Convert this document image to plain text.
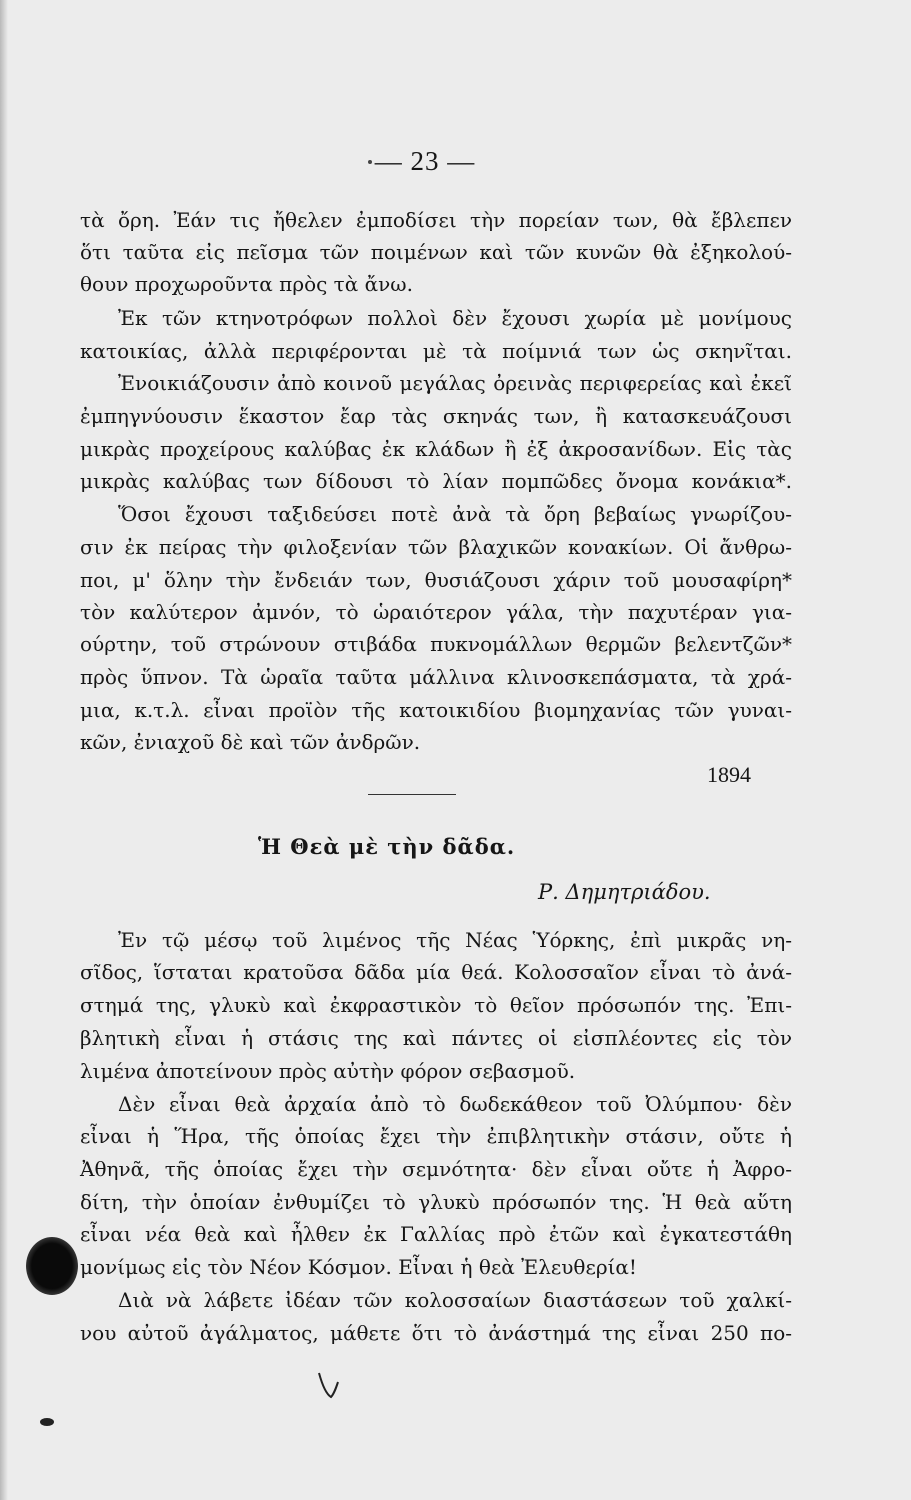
— 23 —
τὰ ὄρη. Ἐάν τις ἤθελεν ἐμποδίσει τὴν πορείαν των, θὰ ἔβλεπεν
ὅτι ταῦτα εἰς πεῖσμα τῶν ποιμένων καὶ τῶν κυνῶν θὰ ἐξηκολού-
θουν προχωροῦντα πρὸς τὰ ἄνω.
Ἐκ τῶν κτηνοτρόφων πολλοὶ δὲν ἔχουσι χωρία μὲ μονίμους
κατοικίας, ἀλλὰ περιφέρονται μὲ τὰ ποίμνιά των ὡς σκηνῖται.
Ἐνοικιάζουσιν ἀπὸ κοινοῦ μεγάλας ὀρεινὰς περιφερείας καὶ ἐκεῖ
ἐμπηγνύουσιν ἕκαστον ἔαρ τὰς σκηνάς των, ἢ κατασκευάζουσι
μικρὰς προχείρους καλύβας ἐκ κλάδων ἢ ἐξ ἀκροσανίδων. Εἰς τὰς
μικρὰς καλύβας των δίδουσι τὸ λίαν πομπῶδες ὄνομα κονάκια*.
Ὅσοι ἔχουσι ταξιδεύσει ποτὲ ἀνὰ τὰ ὄρη βεβαίως γνωρίζου-
σιν ἐκ πείρας τὴν φιλοξενίαν τῶν βλαχικῶν κονακίων. Οἱ ἄνθρω-
ποι, μ' ὅλην τὴν ἔνδειάν των, θυσιάζουσι χάριν τοῦ μουσαφίρη*
τὸν καλύτερον ἀμνόν, τὸ ὡραιότερον γάλα, τὴν παχυτέραν για-
ούρτην, τοῦ στρώνουν στιβάδα πυκνομάλλων θερμῶν βελεντζῶν*
πρὸς ὕπνον. Τὰ ὡραῖα ταῦτα μάλλινα κλινοσκεπάσματα, τὰ χρά-
μια, κ.τ.λ. εἶναι προϊὸν τῆς κατοικιδίου βιομηχανίας τῶν γυναι-
κῶν, ἐνιαχοῦ δὲ καὶ τῶν ἀνδρῶν.
1894
Ἡ Θεὰ μὲ τὴν δᾶδα.
Ρ. Δημητριάδου.
Ἐν τῷ μέσῳ τοῦ λιμένος τῆς Νέας Ὑόρκης, ἐπὶ μικρᾶς νη-
σῖδος, ἵσταται κρατοῦσα δᾶδα μία θεά. Κολοσσαῖον εἶναι τὸ ἀνά-
στημά της, γλυκὺ καὶ ἐκφραστικὸν τὸ θεῖον πρόσωπόν της. Ἐπι-
βλητικὴ εἶναι ἡ στάσις της καὶ πάντες οἱ εἰσπλέοντες εἰς τὸν
λιμένα ἀποτείνουν πρὸς αὐτὴν φόρον σεβασμοῦ.
Δὲν εἶναι θεὰ ἀρχαία ἀπὸ τὸ δωδεκάθεον τοῦ Ὀλύμπου· δὲν
εἶναι ἡ Ἥρα, τῆς ὁποίας ἔχει τὴν ἐπιβλητικὴν στάσιν, οὔτε ἡ
Ἀθηνᾶ, τῆς ὁποίας ἔχει τὴν σεμνότητα· δὲν εἶναι οὔτε ἡ Ἀφρο-
δίτη, τὴν ὁποίαν ἐνθυμίζει τὸ γλυκὺ πρόσωπόν της. Ἡ θεὰ αὕτη
εἶναι νέα θεὰ καὶ ἦλθεν ἐκ Γαλλίας πρὸ ἐτῶν καὶ ἐγκατεστάθη
μονίμως εἰς τὸν Νέον Κόσμον. Εἶναι ἡ θεὰ Ἐλευθερία!
Διὰ νὰ λάβετε ἰδέαν τῶν κολοσσαίων διαστάσεων τοῦ χαλκί-
νου αὐτοῦ ἀγάλματος, μάθετε ὅτι τὸ ἀνάστημά της εἶναι 250 πο-
